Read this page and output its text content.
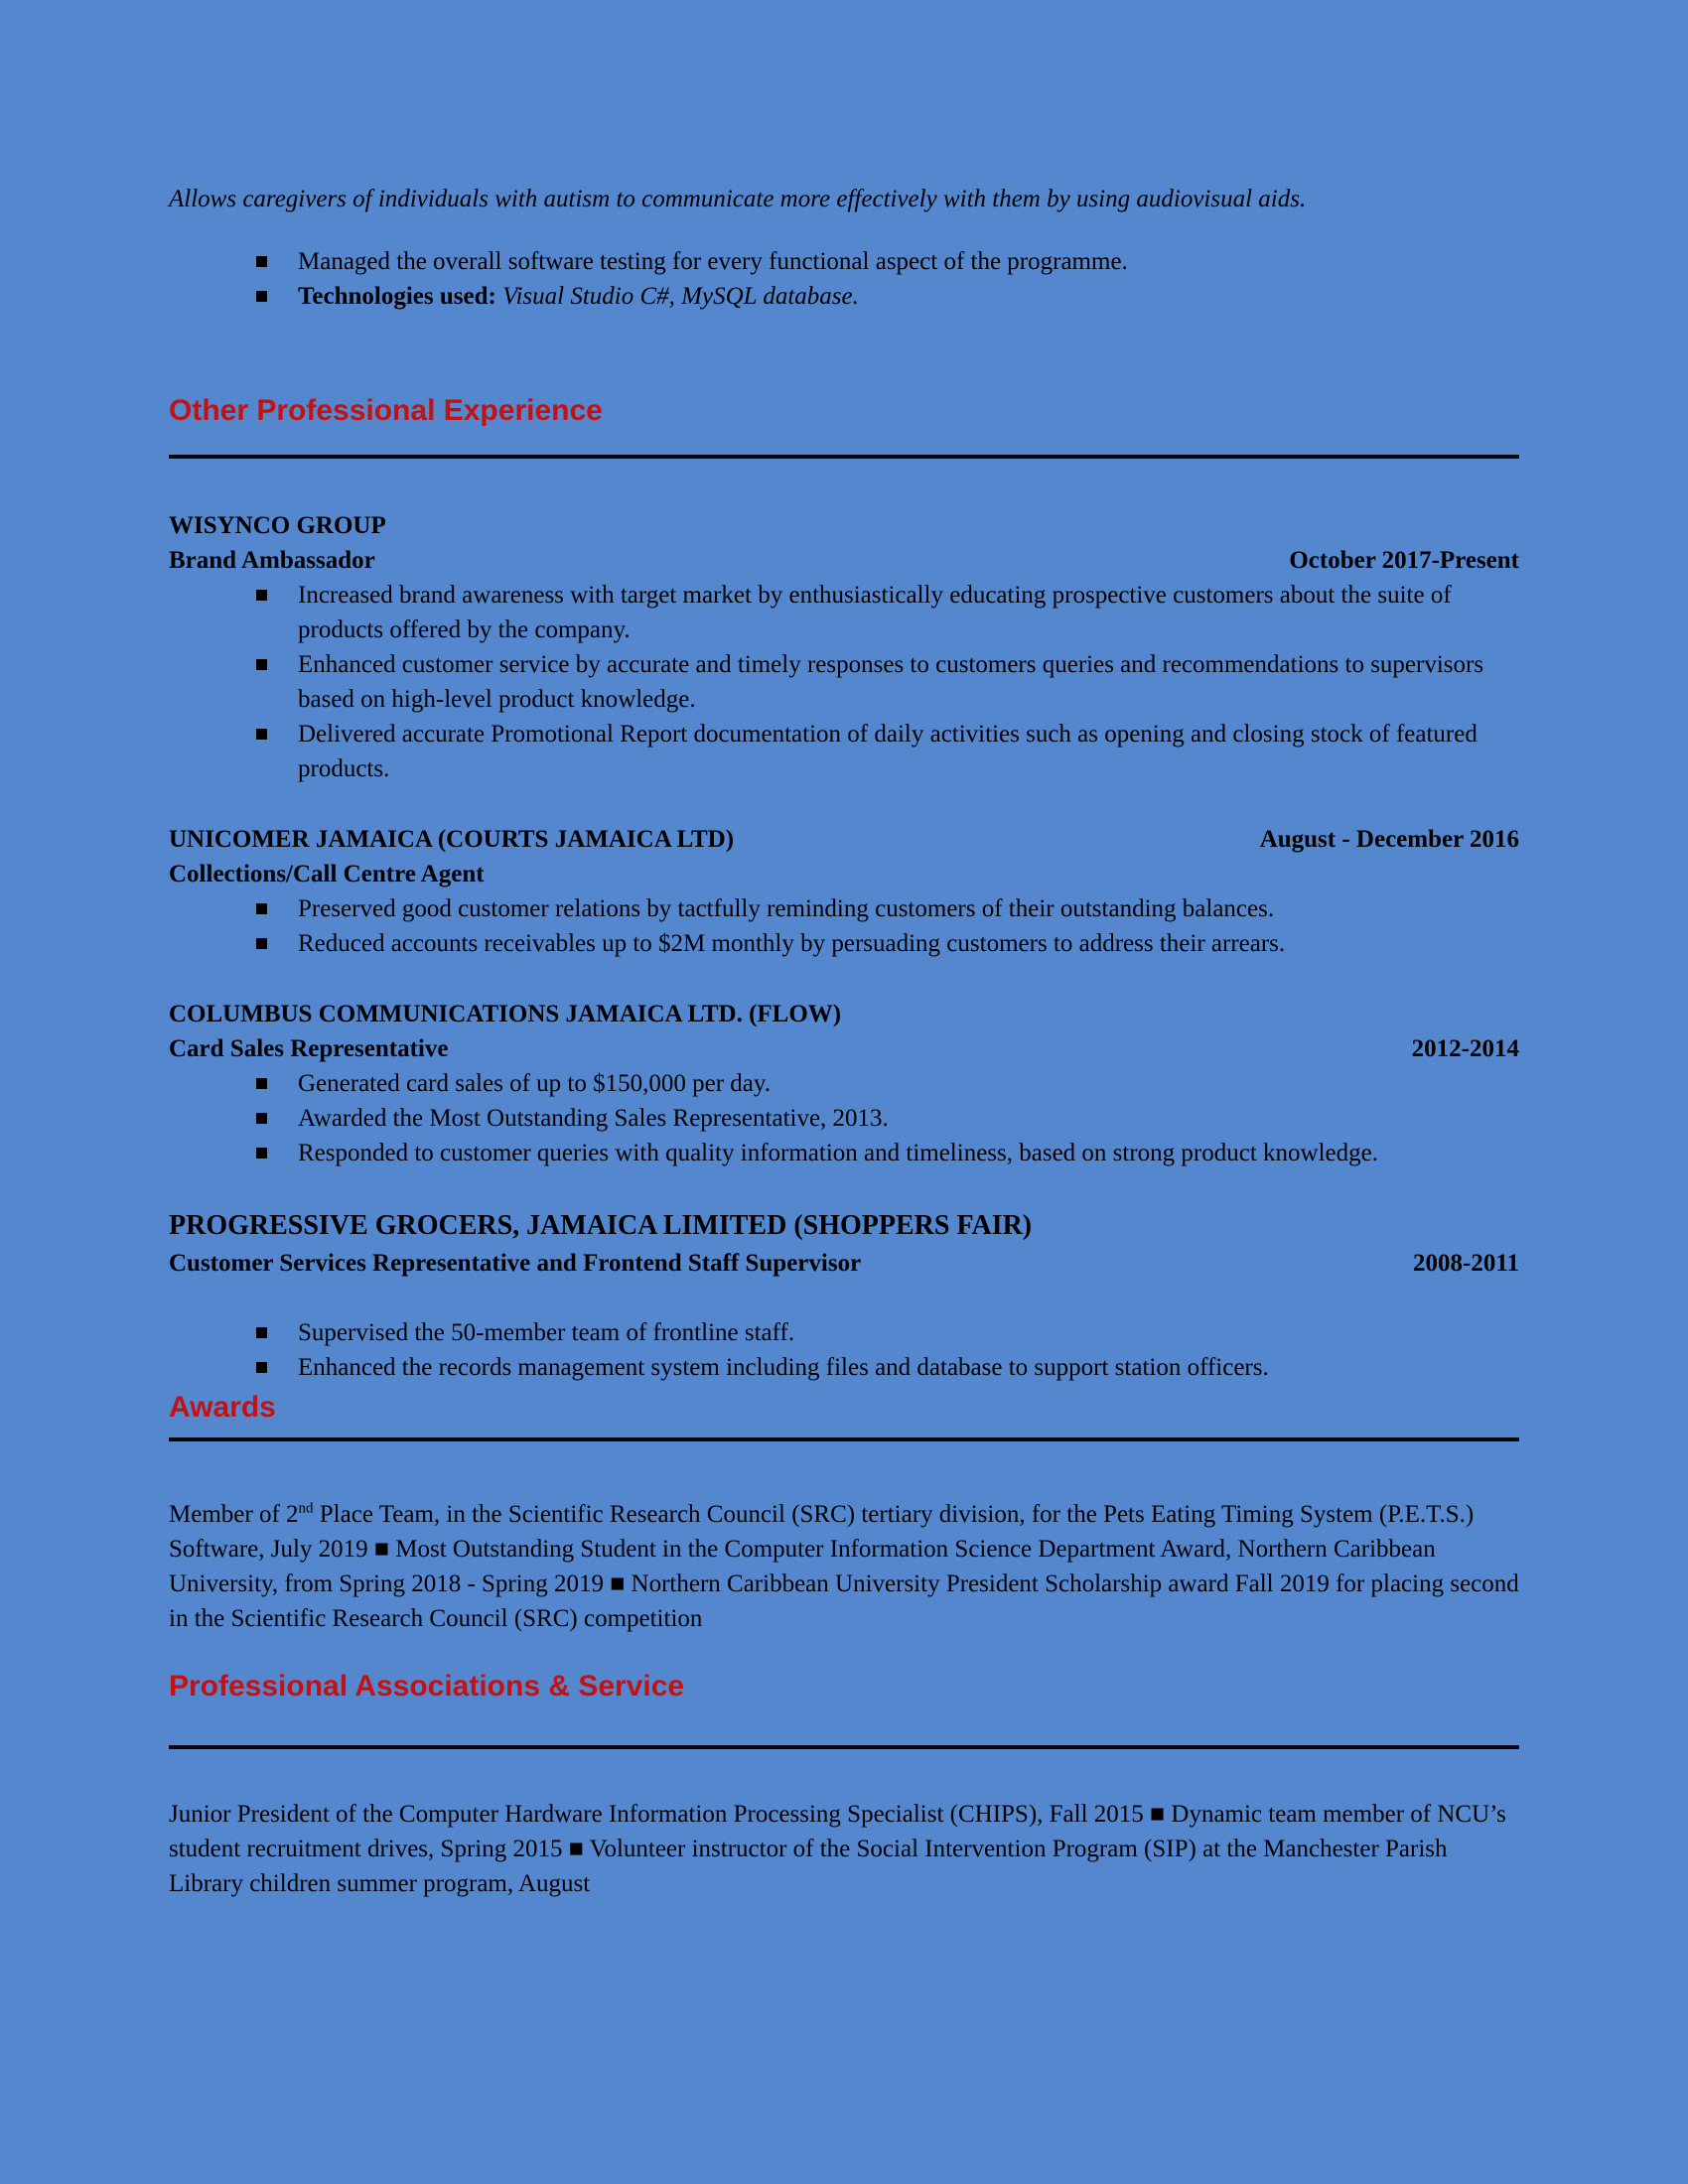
Allows caregivers of individuals with autism to communicate more effectively with them by using audiovisual aids.

Managed the overall software testing for every functional aspect of the programme.
Technologies used: Visual Studio C#, MySQL database.
Other Professional Experience
WISYNCO GROUP
Brand Ambassador	October 2017-Present
Increased brand awareness with target market by enthusiastically educating prospective customers about the suite of products offered by the company.
Enhanced customer service by accurate and timely responses to customers queries and recommendations to supervisors based on high-level product knowledge.
Delivered accurate Promotional Report documentation of daily activities such as opening and closing stock of featured products.
UNICOMER JAMAICA (COURTS JAMAICA LTD)	August - December 2016
Collections/Call Centre Agent
Preserved good customer relations by tactfully reminding customers of their outstanding balances.
Reduced accounts receivables up to $2M monthly by persuading customers to address their arrears.
COLUMBUS COMMUNICATIONS JAMAICA LTD. (FLOW)
Card Sales Representative	2012-2014
Generated card sales of up to $150,000 per day.
Awarded the Most Outstanding Sales Representative, 2013.
Responded to customer queries with quality information and timeliness, based on strong product knowledge.
PROGRESSIVE GROCERS, JAMAICA LIMITED (SHOPPERS FAIR)
Customer Services Representative and Frontend Staff Supervisor	2008-2011
Supervised the 50-member team of frontline staff.
Enhanced the records management system including files and database to support station officers.
Awards

Member of 2nd Place Team, in the Scientific Research Council (SRC) tertiary division, for the Pets Eating Timing System (P.E.T.S.) Software, July 2019 ■ Most Outstanding Student in the Computer Information Science Department Award, Northern Caribbean University, from Spring 2018 - Spring 2019 ■ Northern Caribbean University President Scholarship award Fall 2019 for placing second in the Scientific Research Council (SRC) competition

Professional Associations & Service

Junior President of the Computer Hardware Information Processing Specialist (CHIPS), Fall 2015 ■ Dynamic team member of NCU’s student recruitment drives, Spring 2015 ■ Volunteer instructor of the Social Intervention Program (SIP) at the Manchester Parish Library children summer program, August
